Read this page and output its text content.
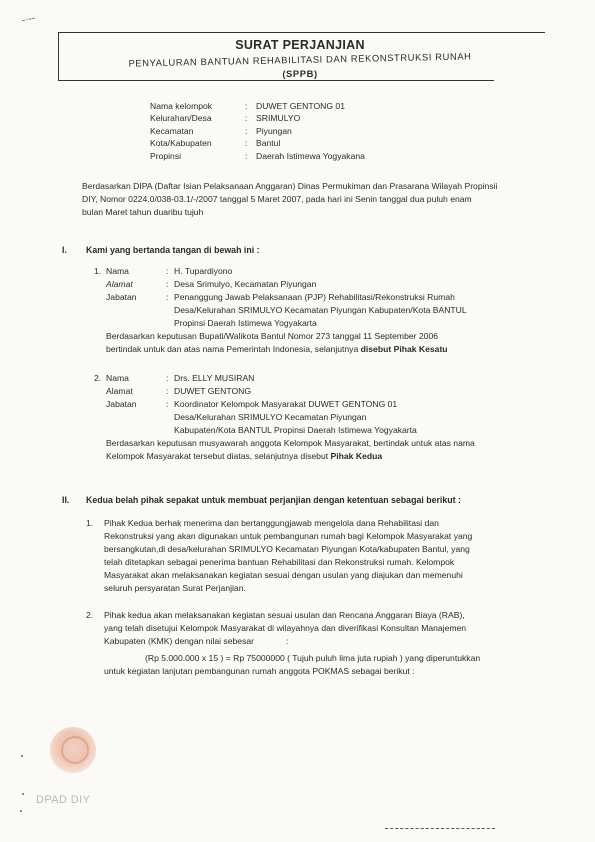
-·--
SURAT PERJANJIAN
PENYALURAN BANTUAN REHABILITASI DAN REKONSTRUKSI RUNAH
(SPPB)
Nama kelompok	:	DUWET GENTONG 01
Kelurahan/Desa	:	SRIMULYO
Kecamatan	:	Piyungan
Kota/Kabupaten	:	Bantul
Propinsi	:	Daerah Istimewa Yogyakana
Berdasarkan DIPA (Daftar Isian Pelaksanaan Anggaran) Dinas Permukiman dan Prasarana Wilayah Propinsii
DIY, Nomor 0224.0/038-03.1/-/2007 tanggal 5 Maret 2007, pada hari ini Senin tanggal dua puluh enam
bulan Maret tahun duaribu tujuh
I. Kami yang bertanda tangan di bewah ini :
1. Nama	: H. Tupardiyono
Alamat	: Desa Srimulyo, Kecamatan Piyungan
Jabatan	: Penanggung Jawab Pelaksanaan (PJP) Rehabilitasi/Rekonstruksi Rumah
Desa/Kelurahan SRIMULYO Kecamatan Piyungan Kabupaten/Kota BANTUL
Propinsi Daerah Istimewa Yogyakarta
Berdasarkan keputusan Bupati/Walikota Bantul Nomor 273 tanggal 11 September 2006
bertindak untuk dan atas nama Pemerintah Indonesia, selanjutnya disebut Pihak Kesatu
2. Nama	: Drs. ELLY MUSIRAN
Alamat	: DUWET GENTONG
Jabatan	: Koordinator Kelompok Masyarakat DUWET GENTONG 01
Desa/Kelurahan SRIMULYO Kecamatan Piyungan
Kabupaten/Kota BANTUL Propinsi Daerah Istimewa Yogyakarta
Berdasarkan keputusan musyawarah anggota Kelompok Masyarakat, bertindak untuk atas nama
Kelompok Masyarakat tersebut diatas, selanjutnya disebut Pihak Kedua
II. Kedua belah pihak sepakat untuk membuat perjanjian dengan ketentuan sebagai berikut :
1. Pihak Kedua berhak menerima dan bertanggungjawab mengelola dana Rehabilitasi dan
Rekonstruksi yang akan digunakan untuk pembangunan rumah bagi Kelompok Masyarakat yang
bersangkutan,di desa/kelurahan SRIMULYO Kecamatan Piyungan Kota/kabupaten Bantul, yang
telah ditetapkan sebagai penerima bantuan Rehabilitasi dan Rekonstruksi rumah. Kelompok
Masyarakat akan melaksanakan kegiatan sesuai dengan usulan yang diajukan dan memenuhi
seluruh persyaratan Surat Perjanjian.
2. Pihak kedua akan melaksanakan kegiatan sesuai usulan dan Rencana Anggaran Biaya (RAB),
yang telah disetujui Kelompok Masyarakat di wilayahnya dan diverifikasi Konsultan Manajemen
Kabupaten (KMK) dengan nilai sebesar	:
(Rp 5.000.000 x 15 ) = Rp 75000000 ( Tujuh puluh lima juta rupiah ) yang diperuntukkan
untuk kegiatan lanjutan pembangunan rumah anggota POKMAS sebagai berikut :
DPAD DIY
